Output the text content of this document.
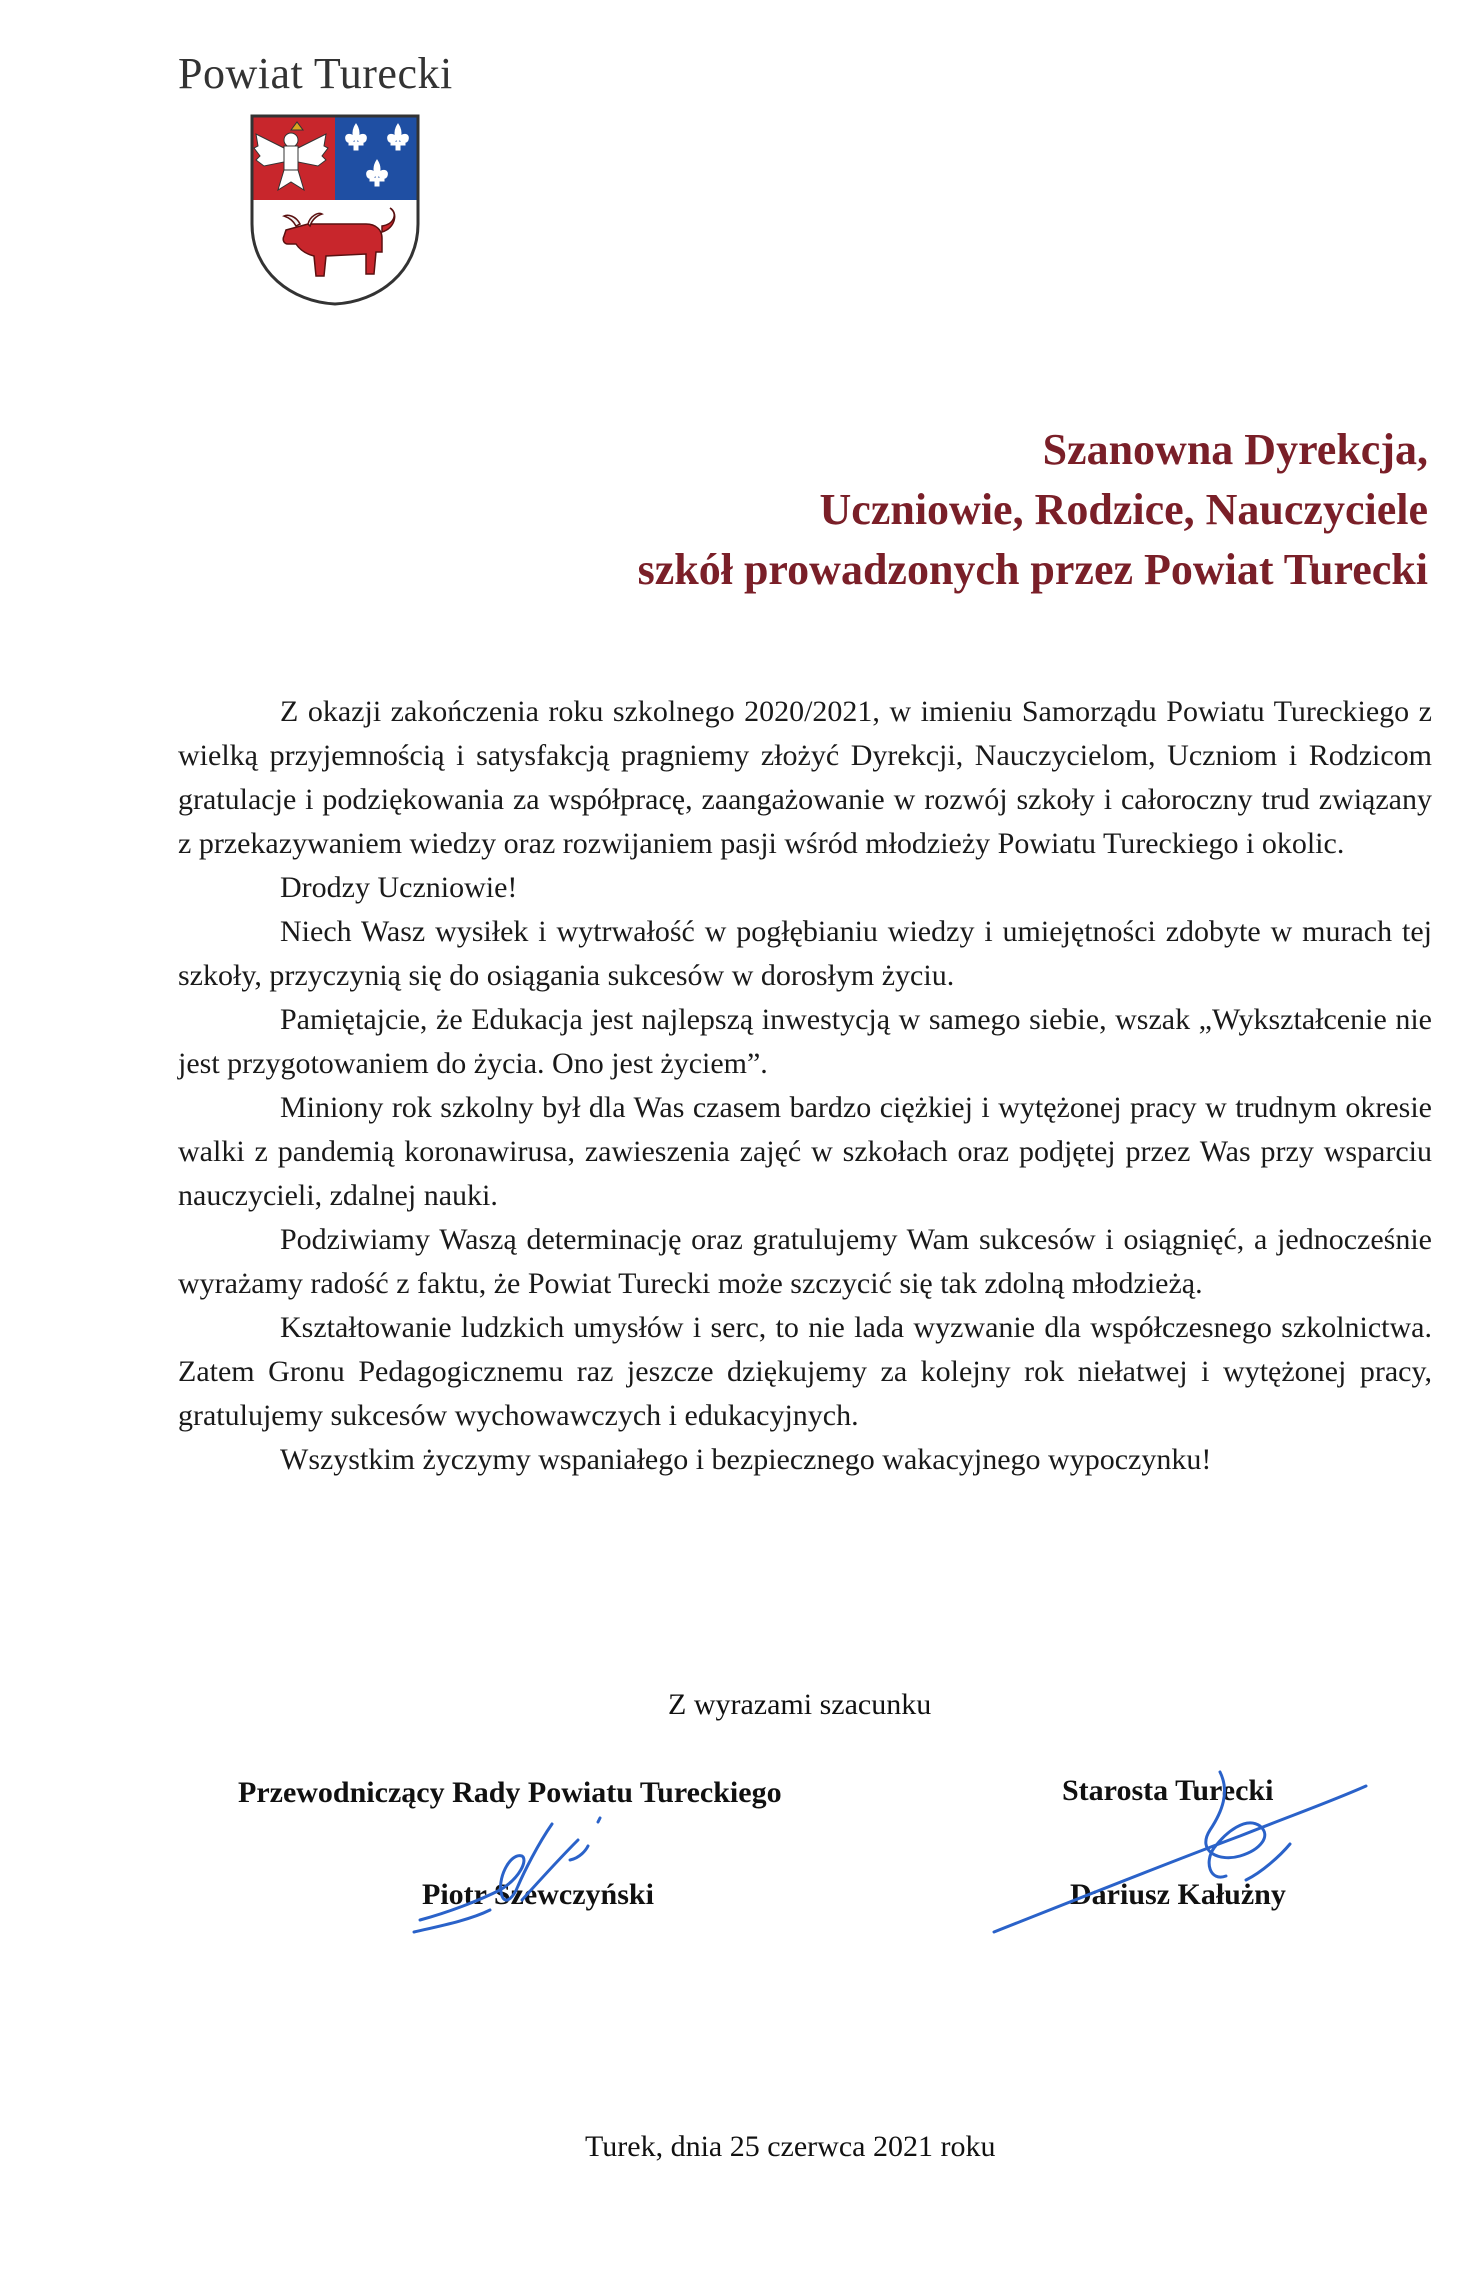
Powiat Turecki
Szanowna Dyrekcja,
Uczniowie, Rodzice, Nauczyciele
szkół prowadzonych przez Powiat Turecki

Z okazji zakończenia roku szkolnego 2020/2021, w imieniu Samorządu Powiatu Tureckiego z wielką przyjemnością i satysfakcją pragniemy złożyć Dyrekcji, Nauczycielom, Uczniom i Rodzicom gratulacje i podziękowania za współpracę, zaangażowanie w rozwój szkoły i całoroczny trud związany z przekazywaniem wiedzy oraz rozwijaniem pasji wśród młodzieży Powiatu Tureckiego i okolic.

Drodzy Uczniowie!

Niech Wasz wysiłek i wytrwałość w pogłębianiu wiedzy i umiejętności zdobyte w murach tej szkoły, przyczynią się do osiągania sukcesów w dorosłym życiu.

Pamiętajcie, że Edukacja jest najlepszą inwestycją w samego siebie, wszak „Wykształcenie nie jest przygotowaniem do życia. Ono jest życiem”.

Miniony rok szkolny był dla Was czasem bardzo ciężkiej i wytężonej pracy w trudnym okresie walki z pandemią koronawirusa, zawieszenia zajęć w szkołach oraz podjętej przez Was przy wsparciu nauczycieli, zdalnej nauki.

Podziwiamy Waszą determinację oraz gratulujemy Wam sukcesów i osiągnięć, a jednocześnie wyrażamy radość z faktu, że Powiat Turecki może szczycić się tak zdolną młodzieżą.

Kształtowanie ludzkich umysłów i serc, to nie lada wyzwanie dla współczesnego szkolnictwa. Zatem Gronu Pedagogicznemu raz jeszcze dziękujemy za kolejny rok niełatwej i wytężonej pracy, gratulujemy sukcesów wychowawczych i edukacyjnych.

Wszystkim życzymy wspaniałego i bezpiecznego wakacyjnego wypoczynku!

Z wyrazami szacunku
Przewodniczący Rady Powiatu Tureckiego	Starosta Turecki
Piotr Szewczyński	Dariusz Kałużny
Turek, dnia 25 czerwca 2021 roku
